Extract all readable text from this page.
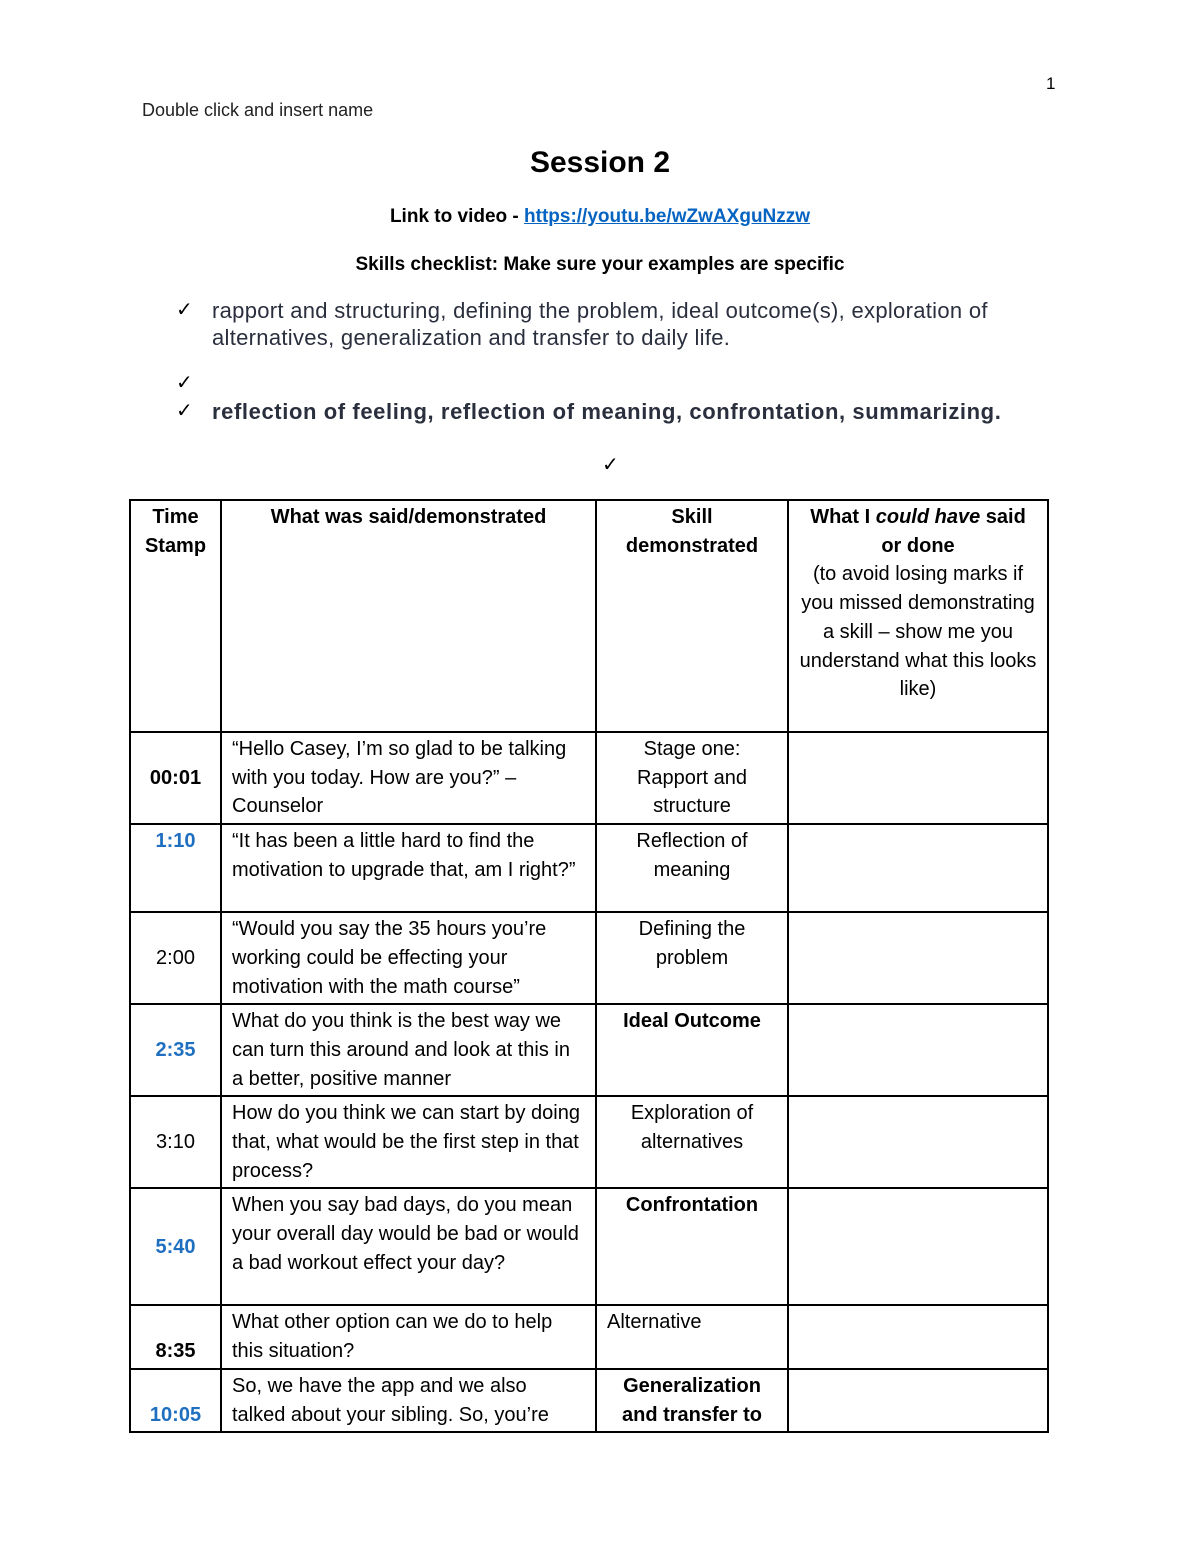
1
Double click and insert name
Session 2
Link to video - https://youtu.be/wZwAXguNzzw
Skills checklist: Make sure your examples are specific
✓ rapport and structuring, defining the problem, ideal outcome(s), exploration of alternatives, generalization and transfer to daily life.
✓
✓ reflection of feeling, reflection of meaning, confrontation, summarizing.
✓
Time Stamp	What was said/demonstrated	Skill demonstrated	What I could have said or done
(to avoid losing marks if you missed demonstrating a skill – show me you understand what this looks like)
00:01	“Hello Casey, I’m so glad to be talking with you today. How are you?” – Counselor	Stage one: Rapport and structure	
1:10	“It has been a little hard to find the motivation to upgrade that, am I right?”	Reflection of meaning	
2:00	“Would you say the 35 hours you’re working could be effecting your motivation with the math course”	Defining the problem	
2:35	What do you think is the best way we can turn this around and look at this in a better, positive manner	Ideal Outcome	
3:10	How do you think we can start by doing that, what would be the first step in that process?	Exploration of alternatives	
5:40	When you say bad days, do you mean your overall day would be bad or would a bad workout effect your day?	Confrontation	
8:35	What other option can we do to help this situation?	Alternative	
10:05	So, we have the app and we also talked about your sibling. So, you’re	Generalization and transfer to	
